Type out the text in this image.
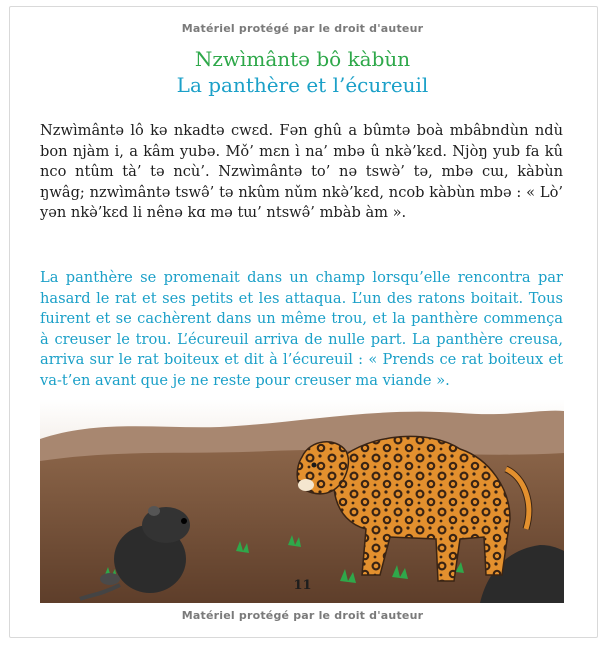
Matériel protégé par le droit d'auteur
Nzwìmântə bô kàbùn
La panthère et l’écureuil

Nzwìmântə lô kə nkadtə cwɛd. Fən ghû a bûmtə boà mbâbndùn ndù bon njàm i, a kâm yubə. Mǒ’ mɛn ì na’ mbə û nkə̀’kɛd. Njòŋ yub fa kû nco ntûm tà’ tə ncù’. Nzwìmântə to’ nə tswə̀’ tə, mbə cɯ, kàbùn ŋwâg; nzwìmântə tswə̂’ tə nkûm nǔm nkə̀’kɛd, ncob kàbùn mbə : « Lò’ yən nkə̀’kɛd li nênə kɑ mə tɯ’ ntswə̂’ mbàb àm ».

La panthère se promenait dans un champ lorsqu’elle rencontra par hasard le rat et ses petits et les attaqua. L’un des ratons boitait. Tous fuirent et se cachèrent dans un même trou, et la panthère commença à creuser le trou. L’écureuil arriva de nulle part. La panthère creusa, arriva sur le rat boiteux et dit à l’écureuil : « Prends ce rat boiteux et va-t’en avant que je ne reste pour creuser ma viande ».

11
Matériel protégé par le droit d'auteur
